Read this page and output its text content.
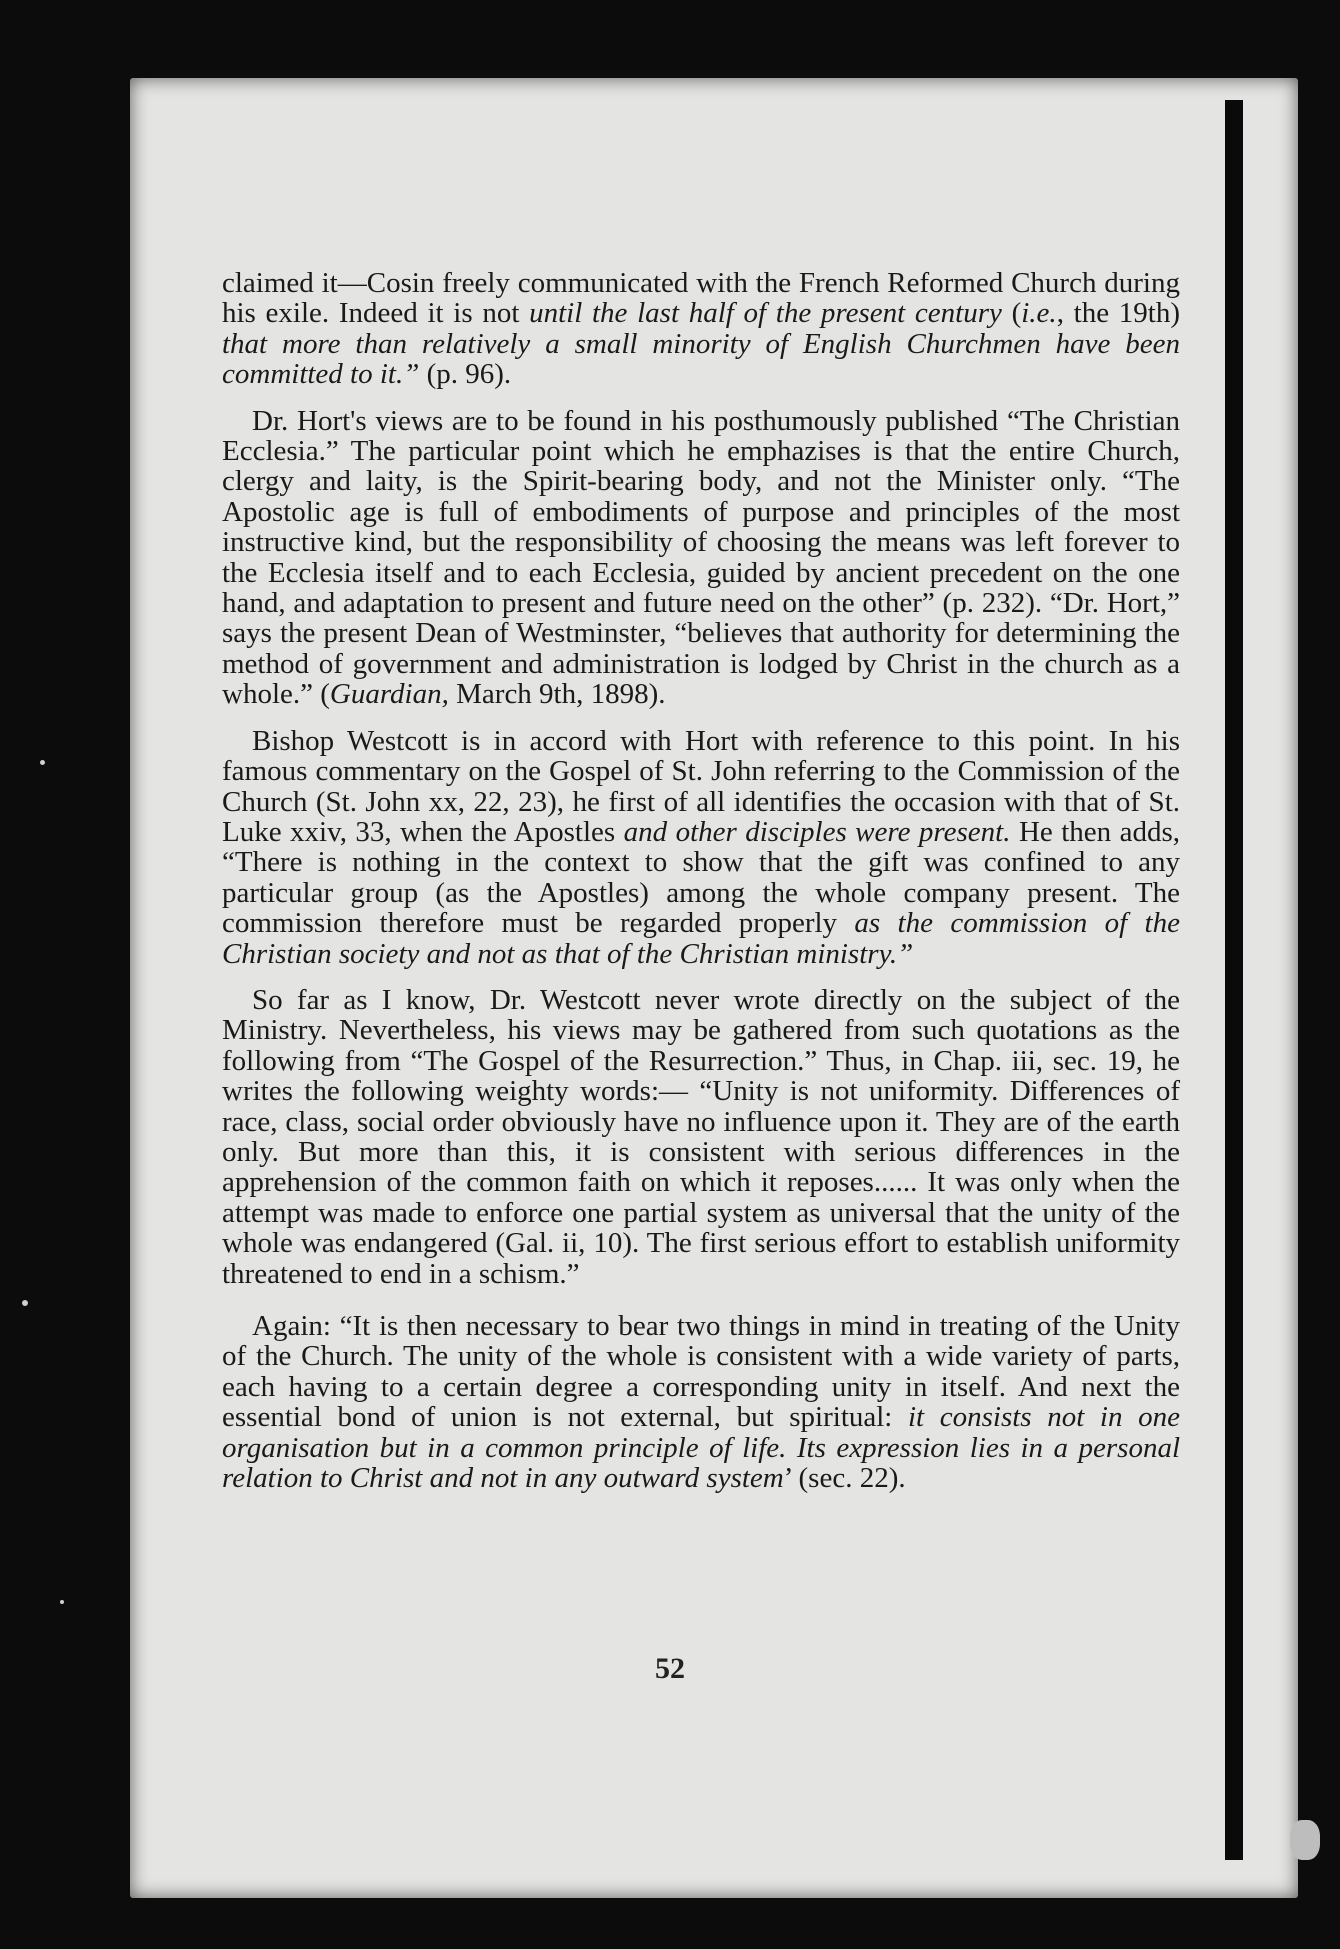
claimed it—Cosin freely communicated with the French Reformed Church during his exile. Indeed it is not until the last half of the present century (i.e., the 19th) that more than relatively a small minority of English Churchmen have been committed to it.” (p. 96).

Dr. Hort's views are to be found in his posthumously published “The Christian Ecclesia.” The particular point which he emphazises is that the entire Church, clergy and laity, is the Spirit-bearing body, and not the Minister only. “The Apostolic age is full of embodiments of purpose and principles of the most instructive kind, but the responsibility of choosing the means was left forever to the Ecclesia itself and to each Ecclesia, guided by ancient precedent on the one hand, and adaptation to present and future need on the other” (p. 232). “Dr. Hort,” says the present Dean of Westminster, “believes that authority for determining the method of government and administration is lodged by Christ in the church as a whole.” (Guardian, March 9th, 1898).

Bishop Westcott is in accord with Hort with reference to this point. In his famous commentary on the Gospel of St. John referring to the Commission of the Church (St. John xx, 22, 23), he first of all identifies the occasion with that of St. Luke xxiv, 33, when the Apostles and other disciples were present. He then adds, “There is nothing in the context to show that the gift was confined to any particular group (as the Apostles) among the whole company present. The commission therefore must be regarded properly as the commission of the Christian society and not as that of the Christian ministry.”

So far as I know, Dr. Westcott never wrote directly on the subject of the Ministry. Nevertheless, his views may be gathered from such quotations as the following from “The Gospel of the Resurrection.” Thus, in Chap. iii, sec. 19, he writes the following weighty words:— “Unity is not uniformity. Differences of race, class, social order obviously have no influence upon it. They are of the earth only. But more than this, it is consistent with serious differences in the apprehension of the common faith on which it reposes...... It was only when the attempt was made to enforce one partial system as universal that the unity of the whole was endangered (Gal. ii, 10). The first serious effort to establish uniformity threatened to end in a schism.”

Again: “It is then necessary to bear two things in mind in treating of the Unity of the Church. The unity of the whole is consistent with a wide variety of parts, each having to a certain degree a corresponding unity in itself. And next the essential bond of union is not external, but spiritual: it consists not in one organisation but in a common principle of life. Its expression lies in a personal relation to Christ and not in any outward system’ (sec. 22).

52
